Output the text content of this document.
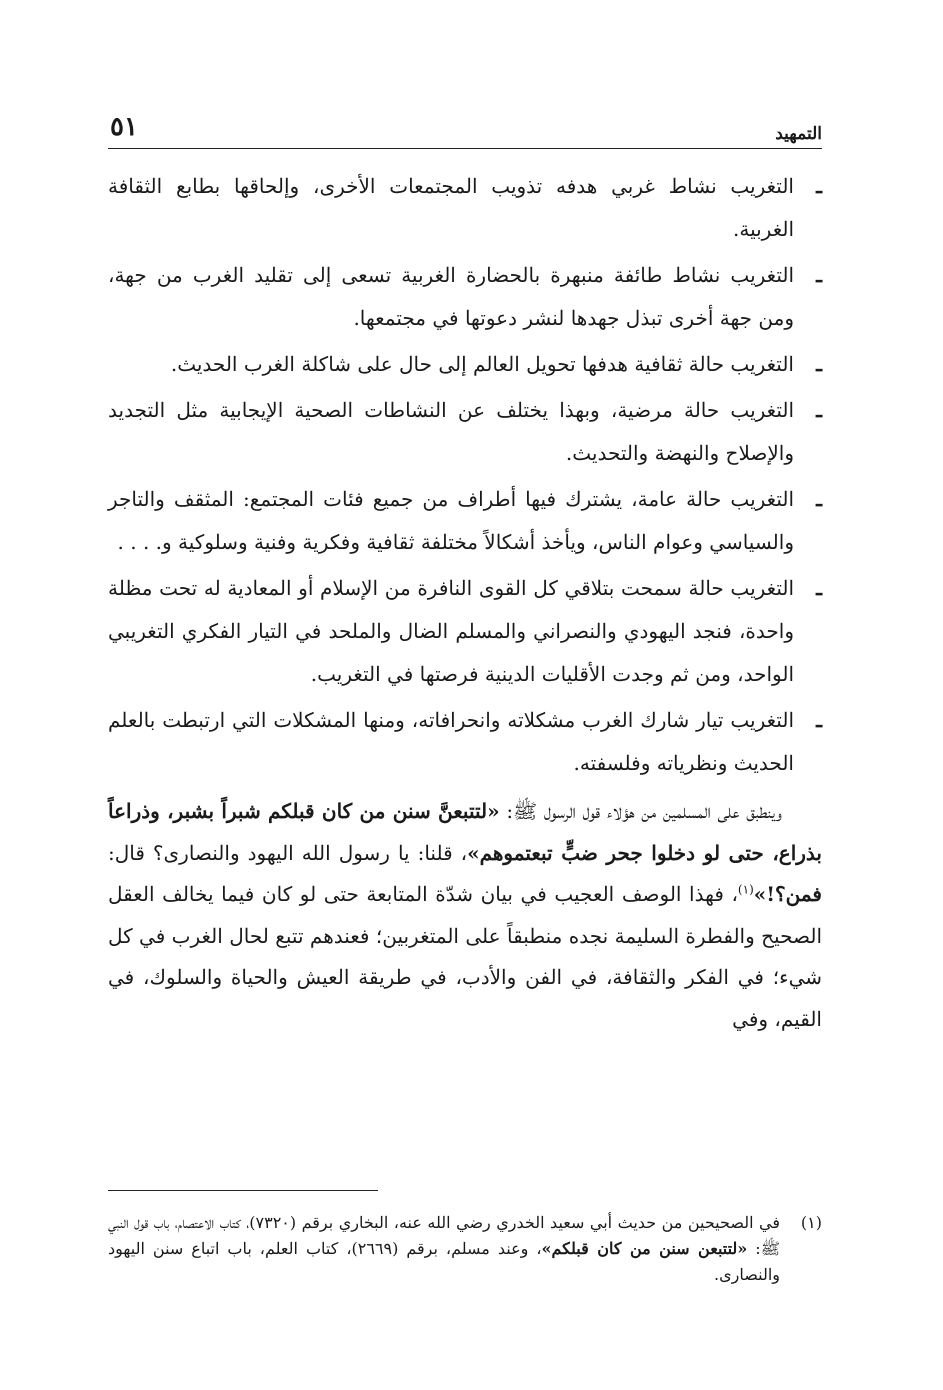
التمهيد
٥١
ـ
التغريب نشاط غربي هدفه تذويب المجتمعات الأخرى، وإلحاقها بطابع الثقافة الغربية.
ـ
التغريب نشاط طائفة منبهرة بالحضارة الغربية تسعى إلى تقليد الغرب من جهة، ومن جهة أخرى تبذل جهدها لنشر دعوتها في مجتمعها.
ـ
التغريب حالة ثقافية هدفها تحويل العالم إلى حال على شاكلة الغرب الحديث.
ـ
التغريب حالة مرضية، وبهذا يختلف عن النشاطات الصحية الإيجابية مثل التجديد والإصلاح والنهضة والتحديث.
ـ
التغريب حالة عامة، يشترك فيها أطراف من جميع فئات المجتمع: المثقف والتاجر والسياسي وعوام الناس، ويأخذ أشكالاً مختلفة ثقافية وفكرية وفنية وسلوكية و. . . .
ـ
التغريب حالة سمحت بتلاقي كل القوى النافرة من الإسلام أو المعادية له تحت مظلة واحدة، فنجد اليهودي والنصراني والمسلم الضال والملحد في التيار الفكري التغريبي الواحد، ومن ثم وجدت الأقليات الدينية فرصتها في التغريب.
ـ
التغريب تيار شارك الغرب مشكلاته وانحرافاته، ومنها المشكلات التي ارتبطت بالعلم الحديث ونظرياته وفلسفته.

وينطبق على المسلمين من هؤلاء قول الرسول ﷺ: «لتتبعنَّ سنن من كان قبلكم شبراً بشبر، وذراعاً بذراع، حتى لو دخلوا جحر ضبٍّ تبعتموهم»، قلنا: يا رسول الله اليهود والنصارى؟ قال: فمن؟!»$^{(١)}$، فهذا الوصف العجيب في بيان شدّة المتابعة حتى لو كان فيما يخالف العقل الصحيح والفطرة السليمة نجده منطبقاً على المتغربين؛ فعندهم تتبع لحال الغرب في كل شيء؛ في الفكر والثقافة، في الفن والأدب، في طريقة العيش والحياة والسلوك، في القيم، وفي

(١)
في الصحيحين من حديث أبي سعيد الخدري رضي الله عنه، البخاري برقم (٧٣٢٠)، كتاب الاعتصام، باب قول النبي ﷺ: «لتتبعن سنن من كان قبلكم»، وعند مسلم، برقم (٢٦٦٩)، كتاب العلم، باب اتباع سنن اليهود والنصارى.
